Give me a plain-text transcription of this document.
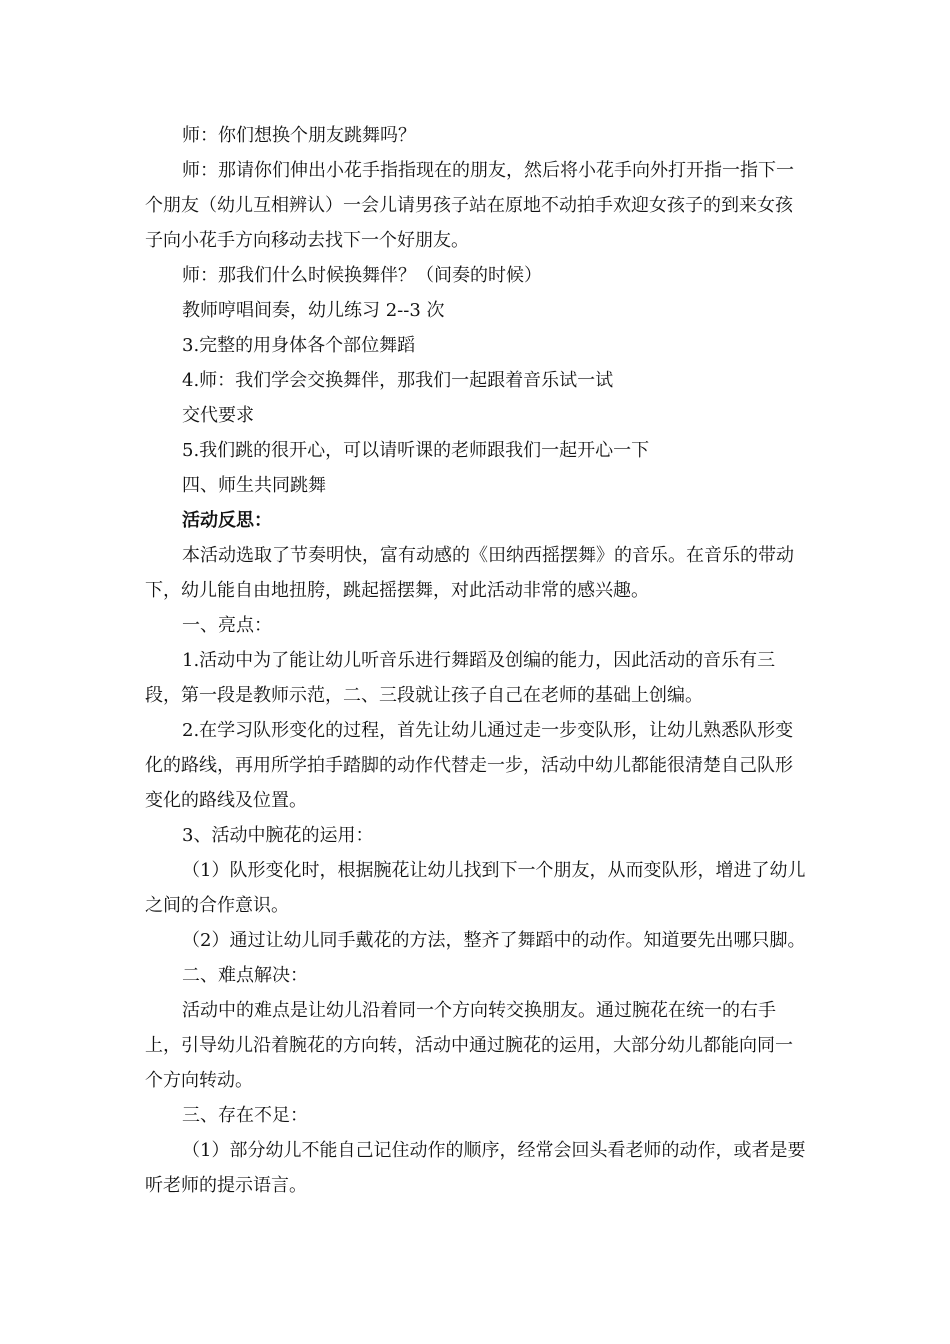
师：你们想换个朋友跳舞吗？

师：那请你们伸出小花手指指现在的朋友，然后将小花手向外打开指一指下一个朋友（幼儿互相辨认）一会儿请男孩子站在原地不动拍手欢迎女孩子的到来女孩子向小花手方向移动去找下一个好朋友。

师：那我们什么时候换舞伴？（间奏的时候）

教师哼唱间奏，幼儿练习 2--3 次

3.完整的用身体各个部位舞蹈

4.师：我们学会交换舞伴，那我们一起跟着音乐试一试

交代要求

5.我们跳的很开心，可以请听课的老师跟我们一起开心一下

四、师生共同跳舞

活动反思：

本活动选取了节奏明快，富有动感的《田纳西摇摆舞》的音乐。在音乐的带动下，幼儿能自由地扭胯，跳起摇摆舞，对此活动非常的感兴趣。

一、亮点：

1.活动中为了能让幼儿听音乐进行舞蹈及创编的能力，因此活动的音乐有三段，第一段是教师示范，二、三段就让孩子自己在老师的基础上创编。

2.在学习队形变化的过程，首先让幼儿通过走一步变队形，让幼儿熟悉队形变化的路线，再用所学拍手踏脚的动作代替走一步，活动中幼儿都能很清楚自己队形变化的路线及位置。

3、活动中腕花的运用：

（1）队形变化时，根据腕花让幼儿找到下一个朋友，从而变队形，增进了幼儿之间的合作意识。

（2）通过让幼儿同手戴花的方法，整齐了舞蹈中的动作。知道要先出哪只脚。

二、难点解决：

活动中的难点是让幼儿沿着同一个方向转交换朋友。通过腕花在统一的右手上，引导幼儿沿着腕花的方向转，活动中通过腕花的运用，大部分幼儿都能向同一个方向转动。

三、存在不足：

（1）部分幼儿不能自己记住动作的顺序，经常会回头看老师的动作，或者是要听老师的提示语言。
